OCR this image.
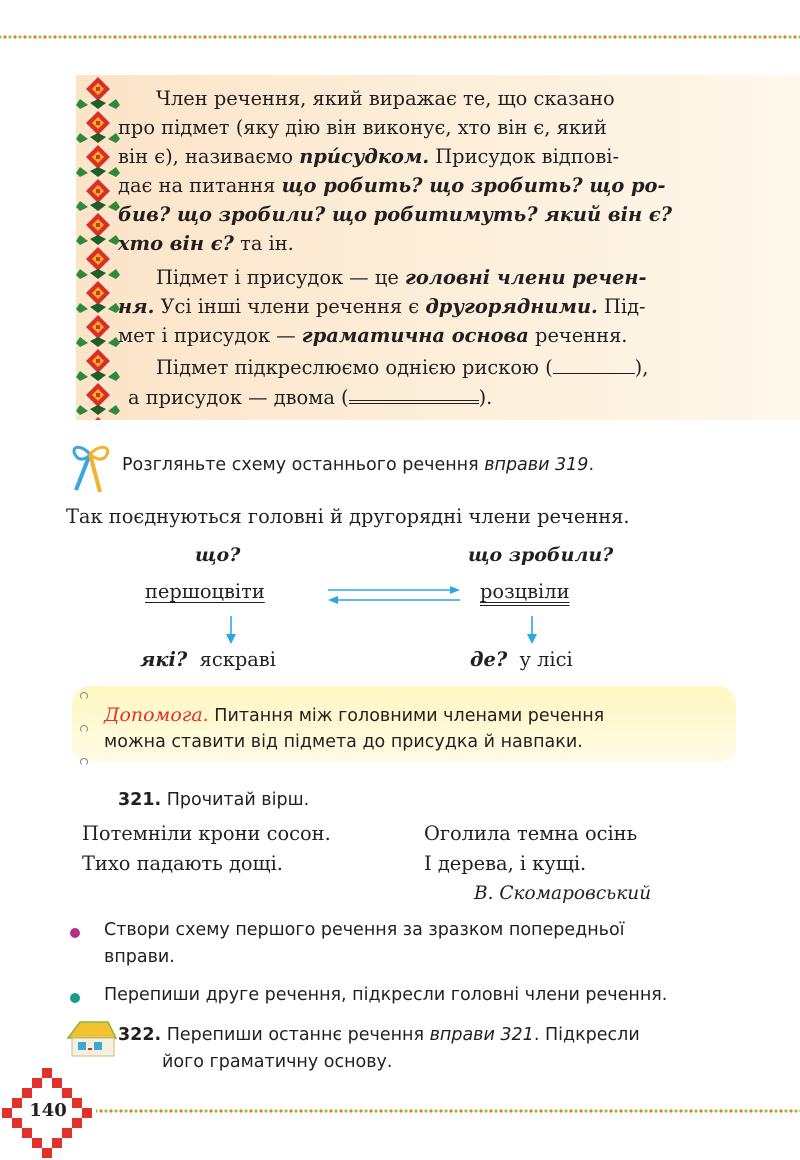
Член речення, який виражає те, що сказано
про підмет (яку дію він виконує, хто він є, який
він є), називаємо при́судком. Присудок відпові-
дає на питання що робить? що зробить? що ро-
бив? що зробили? що робитимуть? який він є?
хто він є? та ін.
Підмет і присудок — це головні члени речен-
ня. Усі інші члени речення є другорядними. Під-
мет і присудок — граматична основа речення.
Підмет підкреслюємо однією рискою (	),
а присудок — двома (	).
Розгляньте схему останнього речення вправи 319.
Так поєднуються головні й другорядні члени речення.
що?	що зробили?
першоцвіти	розцвіли
які? яскраві	де? у лісі
Допомога. Питання між головними членами речення
можна ставити від підмета до присудка й навпаки.
321. Прочитай вірш.
Потемніли крони сосон.
Тихо падають дощі.
Оголила темна осінь
І дерева, і кущі.
В. Скомаровський
Створи схему першого речення за зразком попередньої
вправи.
Перепиши друге речення, підкресли головні члени речення.
322. Перепиши останнє речення вправи 321. Підкресли
його граматичну основу.
140
